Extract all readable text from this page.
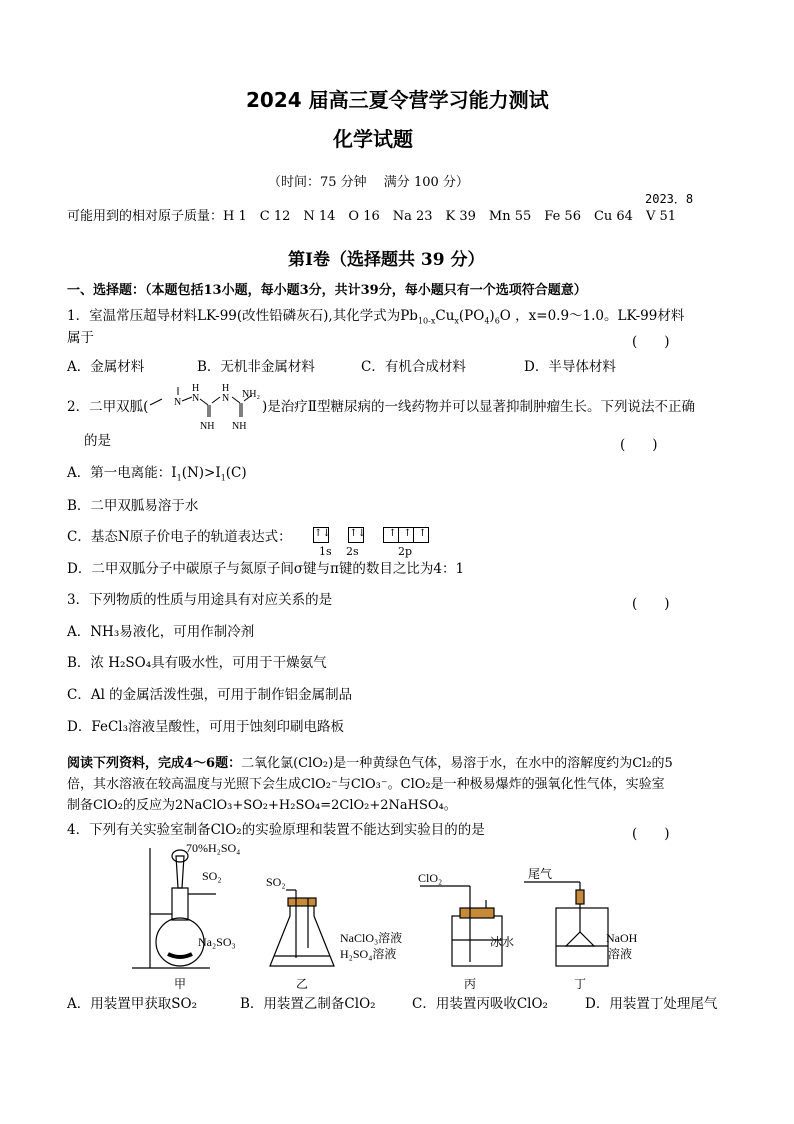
2024 届高三夏令营学习能力测试
化学试题
（时间：75 分钟　 满分 100 分）
2023．8
可能用到的相对原子质量：H 1　C 12　N 14　O 16　Na 23　K 39　Mn 55　Fe 56　Cu 64　V 51
第Ⅰ卷（选择题共 39 分）
一、选择题：（本题包括13小题，每小题3分，共计39分，每小题只有一个选项符合题意）
1．室温常压超导材料LK-99(改性铅磷灰石),其化学式为$Pb_{10-x}Cu_x(PO_4)_6O$ ，x=0.9～1.0。LK-99材料
属于	(　　)
A．金属材料	B．无机非金属材料	C．有机合成材料	D．半导体材料
2．二甲双胍(	N
H
N
H
N
NH NH
NH₂
)是治疗Ⅱ型糖尿病的一线药物并可以显著抑制肿瘤生长。下列说法不正确
的是	(　　)
A．第一电离能：$I_1(N)>I_1(C)$
B．二甲双胍易溶于水
C．基态N原子价电子的轨道表达式： ↑↓
↑↓
↑ ↑ ↑
1s 2s	2p
D．二甲双胍分子中碳原子与氮原子间σ键与π键的数目之比为4：1
3．下列物质的性质与用途具有对应关系的是	(　　)
A．NH₃易液化，可用作制冷剂
B．浓 H₂SO₄具有吸水性，可用于干燥氨气
C．Al 的金属活泼性强，可用于制作铝金属制品
D．FeCl₃溶液呈酸性，可用于蚀刻印刷电路板
阅读下列资料，完成4～6题：二氧化氯(ClO₂)是一种黄绿色气体，易溶于水，在水中的溶解度约为Cl₂的5
倍，其水溶液在较高温度与光照下会生成ClO₂⁻与ClO₃⁻。ClO₂是一种极易爆炸的强氧化性气体，实验室
制备ClO₂的反应为2NaClO₃+SO₂+H₂SO₄=2ClO₂+2NaHSO₄。
4．下列有关实验室制备ClO₂的实验原理和装置不能达到实验目的的是	(　　)
70%H₂SO₄
SO₂
Na₂SO₃
甲
SO₂
NaClO₃溶液
H₂SO₄溶液
乙
ClO₂
冰水
丙
尾气
NaOH
溶液
丁
A．用装置甲获取SO₂	B．用装置乙制备ClO₂	C．用装置丙吸收ClO₂	D．用装置丁处理尾气
